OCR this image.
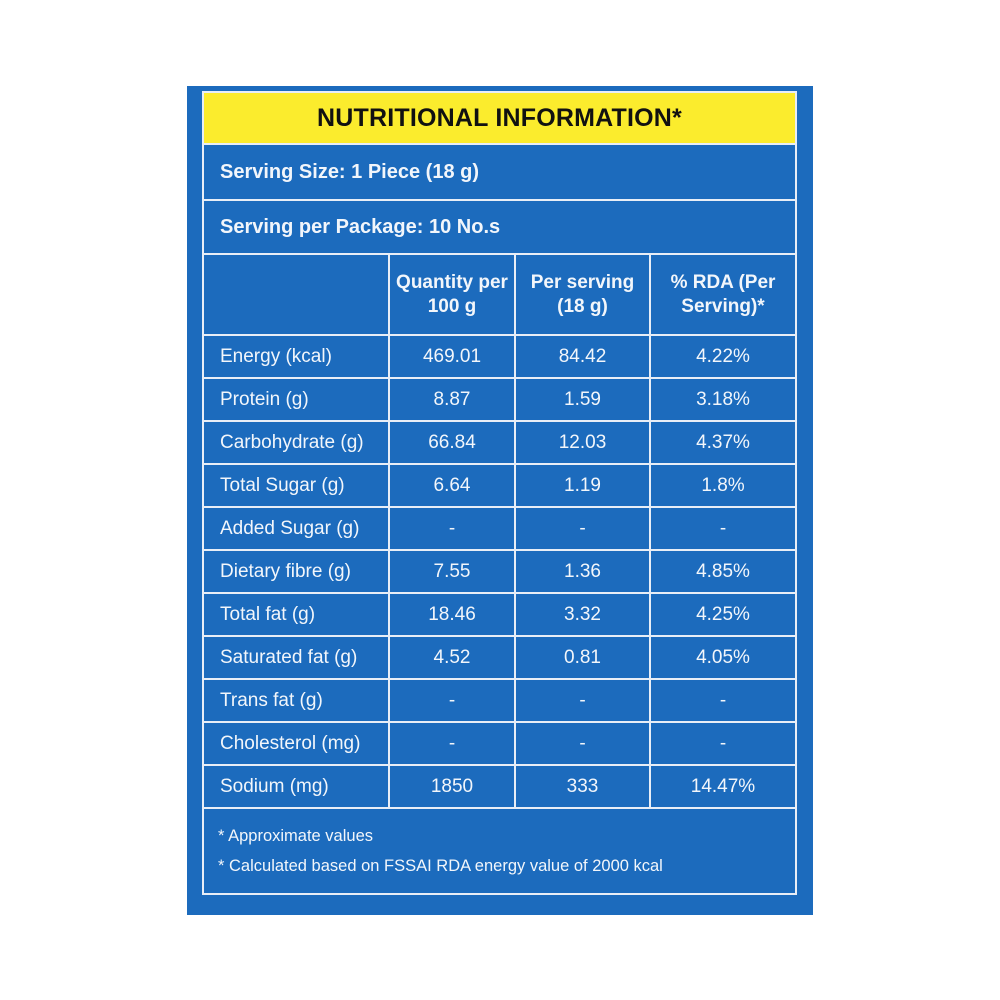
NUTRITIONAL INFORMATION*
Serving Size: 1 Piece (18 g)
Serving per Package: 10 No.s
	Quantity per 100 g	Per serving (18 g)	% RDA (Per Serving)*
Energy (kcal)	469.01	84.42	4.22%
Protein (g)	8.87	1.59	3.18%
Carbohydrate (g)	66.84	12.03	4.37%
Total Sugar (g)	6.64	1.19	1.8%
Added Sugar (g)	-	-	-
Dietary fibre (g)	7.55	1.36	4.85%
Total fat (g)	18.46	3.32	4.25%
Saturated fat (g)	4.52	0.81	4.05%
Trans fat (g)	-	-	-
Cholesterol (mg)	-	-	-
Sodium (mg)	1850	333	14.47%
* Approximate values
* Calculated based on FSSAI RDA energy value of 2000 kcal
